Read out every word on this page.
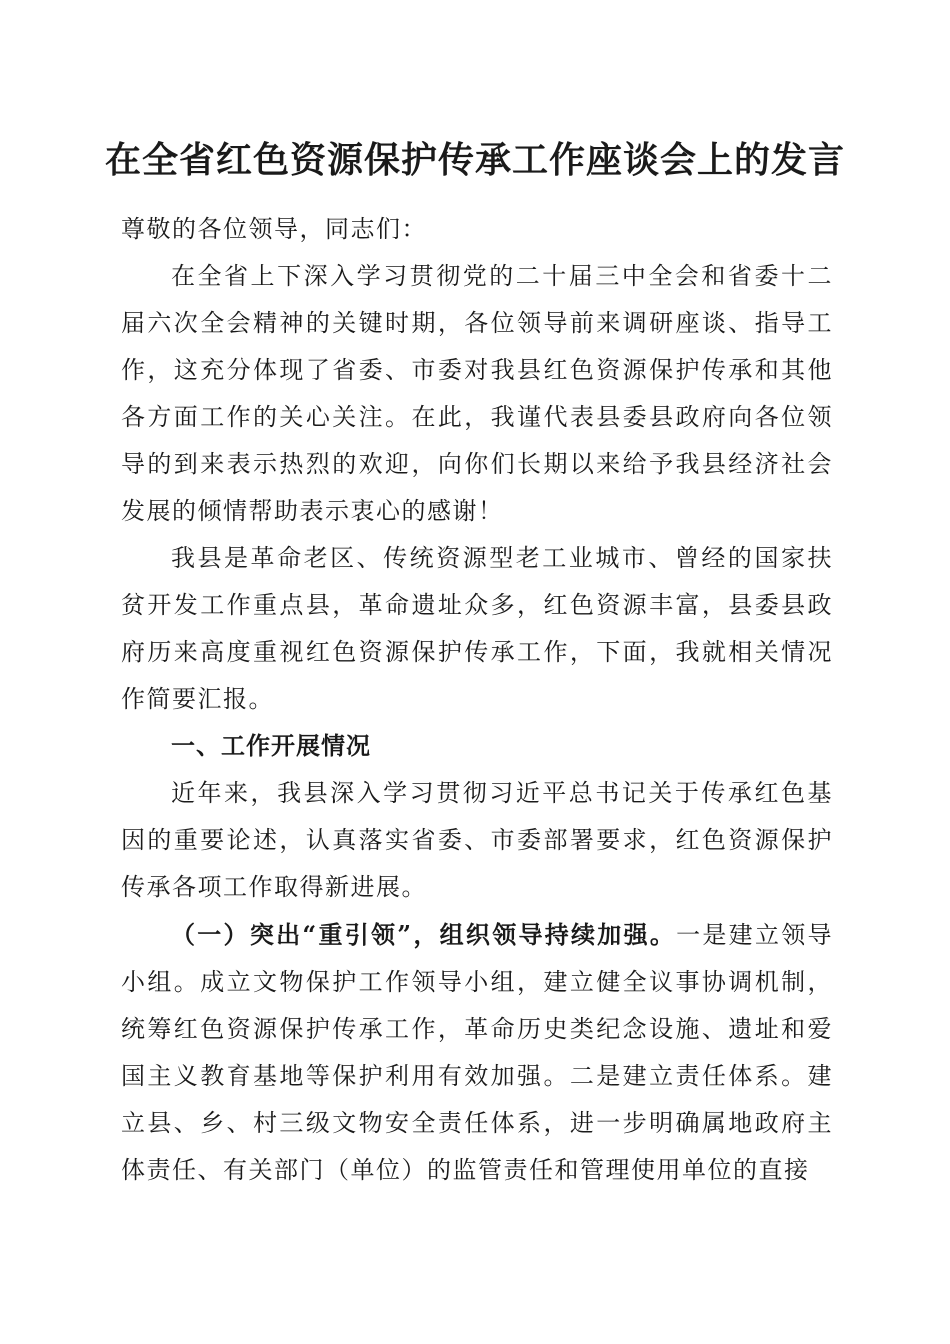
在全省红色资源保护传承工作座谈会上的发言

尊敬的各位领导，同志们：

在全省上下深入学习贯彻党的二十届三中全会和省委十二届六次全会精神的关键时期，各位领导前来调研座谈、指导工作，这充分体现了省委、市委对我县红色资源保护传承和其他各方面工作的关心关注。在此，我谨代表县委县政府向各位领导的到来表示热烈的欢迎，向你们长期以来给予我县经济社会发展的倾情帮助表示衷心的感谢！

我县是革命老区、传统资源型老工业城市、曾经的国家扶贫开发工作重点县，革命遗址众多，红色资源丰富，县委县政府历来高度重视红色资源保护传承工作，下面，我就相关情况作简要汇报。

一、工作开展情况

近年来，我县深入学习贯彻习近平总书记关于传承红色基因的重要论述，认真落实省委、市委部署要求，红色资源保护传承各项工作取得新进展。

（一）突出“重引领”，组织领导持续加强。一是建立领导小组。成立文物保护工作领导小组，建立健全议事协调机制，统筹红色资源保护传承工作，革命历史类纪念设施、遗址和爱国主义教育基地等保护利用有效加强。二是建立责任体系。建立县、乡、村三级文物安全责任体系，进一步明确属地政府主体责任、有关部门（单位）的监管责任和管理使用单位的直接
